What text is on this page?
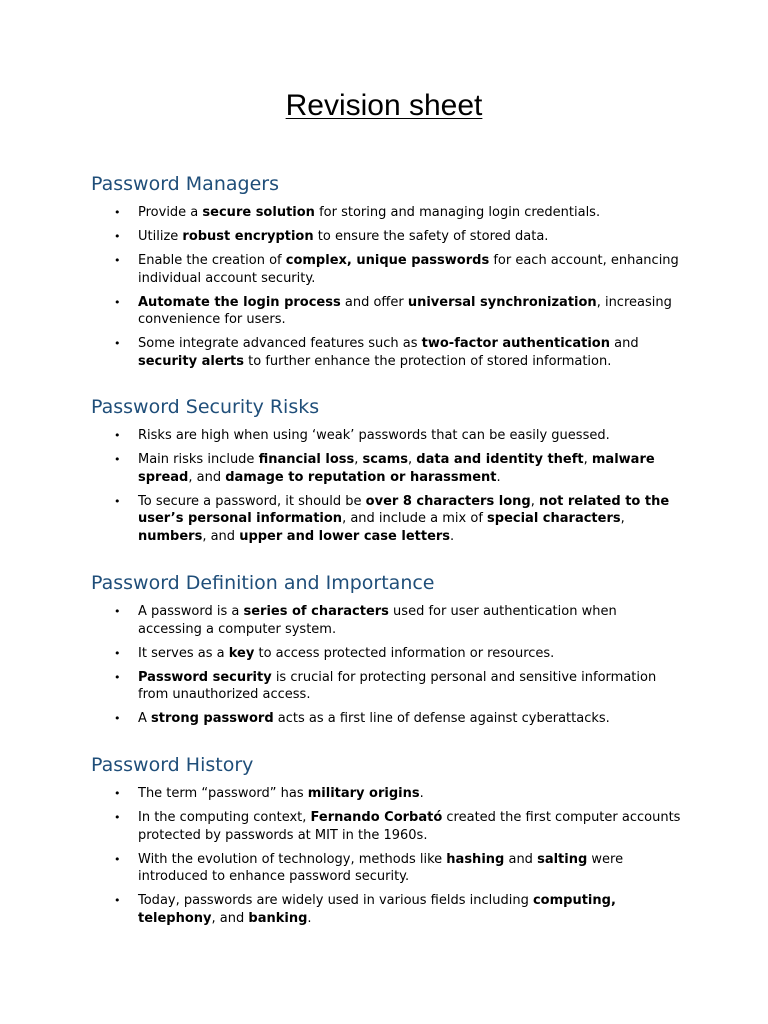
Revision sheet
Password Managers
• Provide a secure solution for storing and managing login credentials.
• Utilize robust encryption to ensure the safety of stored data.
• Enable the creation of complex, unique passwords for each account, enhancing individual account security.
• Automate the login process and offer universal synchronization, increasing convenience for users.
• Some integrate advanced features such as two-factor authentication and security alerts to further enhance the protection of stored information.
Password Security Risks
• Risks are high when using ‘weak’ passwords that can be easily guessed.
• Main risks include financial loss, scams, data and identity theft, malware spread, and damage to reputation or harassment.
• To secure a password, it should be over 8 characters long, not related to the user’s personal information, and include a mix of special characters, numbers, and upper and lower case letters.
Password Definition and Importance
• A password is a series of characters used for user authentication when accessing a computer system.
• It serves as a key to access protected information or resources.
• Password security is crucial for protecting personal and sensitive information from unauthorized access.
• A strong password acts as a first line of defense against cyberattacks.
Password History
• The term “password” has military origins.
• In the computing context, Fernando Corbató created the first computer accounts protected by passwords at MIT in the 1960s.
• With the evolution of technology, methods like hashing and salting were introduced to enhance password security.
• Today, passwords are widely used in various fields including computing, telephony, and banking.
